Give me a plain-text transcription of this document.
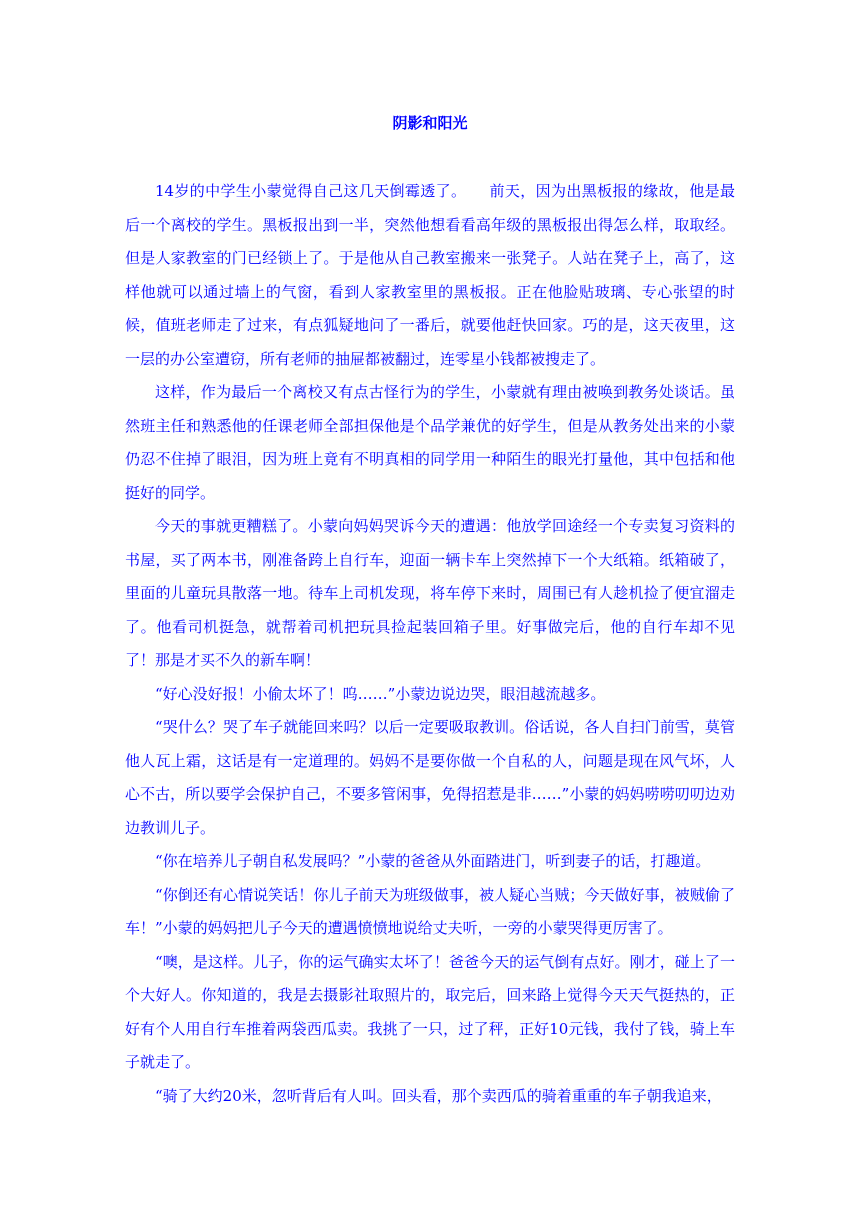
阴影和阳光

14岁的中学生小蒙觉得自己这几天倒霉透了。　　前天，因为出黑板报的缘故，他是最后一个离校的学生。黑板报出到一半，突然他想看看高年级的黑板报出得怎么样，取取经。但是人家教室的门已经锁上了。于是他从自己教室搬来一张凳子。人站在凳子上，高了，这样他就可以通过墙上的气窗，看到人家教室里的黑板报。正在他脸贴玻璃、专心张望的时候，值班老师走了过来，有点狐疑地问了一番后，就要他赶快回家。巧的是，这天夜里，这一层的办公室遭窃，所有老师的抽屉都被翻过，连零星小钱都被搜走了。

这样，作为最后一个离校又有点古怪行为的学生，小蒙就有理由被唤到教务处谈话。虽然班主任和熟悉他的任课老师全部担保他是个品学兼优的好学生，但是从教务处出来的小蒙仍忍不住掉了眼泪，因为班上竟有不明真相的同学用一种陌生的眼光打量他，其中包括和他挺好的同学。

今天的事就更糟糕了。小蒙向妈妈哭诉今天的遭遇：他放学回途经一个专卖复习资料的书屋，买了两本书，刚准备跨上自行车，迎面一辆卡车上突然掉下一个大纸箱。纸箱破了，里面的儿童玩具散落一地。待车上司机发现，将车停下来时，周围已有人趁机捡了便宜溜走了。他看司机挺急，就帮着司机把玩具捡起装回箱子里。好事做完后，他的自行车却不见了！那是才买不久的新车啊！

“好心没好报！小偷太坏了！呜……”小蒙边说边哭，眼泪越流越多。

“哭什么？哭了车子就能回来吗？以后一定要吸取教训。俗话说，各人自扫门前雪，莫管他人瓦上霜，这话是有一定道理的。妈妈不是要你做一个自私的人，问题是现在风气坏，人心不古，所以要学会保护自己，不要多管闲事，免得招惹是非……”小蒙的妈妈唠唠叨叨边劝边教训儿子。

“你在培养儿子朝自私发展吗？”小蒙的爸爸从外面踏进门，听到妻子的话，打趣道。

“你倒还有心情说笑话！你儿子前天为班级做事，被人疑心当贼；今天做好事，被贼偷了车！”小蒙的妈妈把儿子今天的遭遇愤愤地说给丈夫听，一旁的小蒙哭得更厉害了。

“噢，是这样。儿子，你的运气确实太坏了！爸爸今天的运气倒有点好。刚才，碰上了一个大好人。你知道的，我是去摄影社取照片的，取完后，回来路上觉得今天天气挺热的，正好有个人用自行车推着两袋西瓜卖。我挑了一只，过了秤，正好10元钱，我付了钱，骑上车子就走了。

“骑了大约20米，忽听背后有人叫。回头看，那个卖西瓜的骑着重重的车子朝我追来，
